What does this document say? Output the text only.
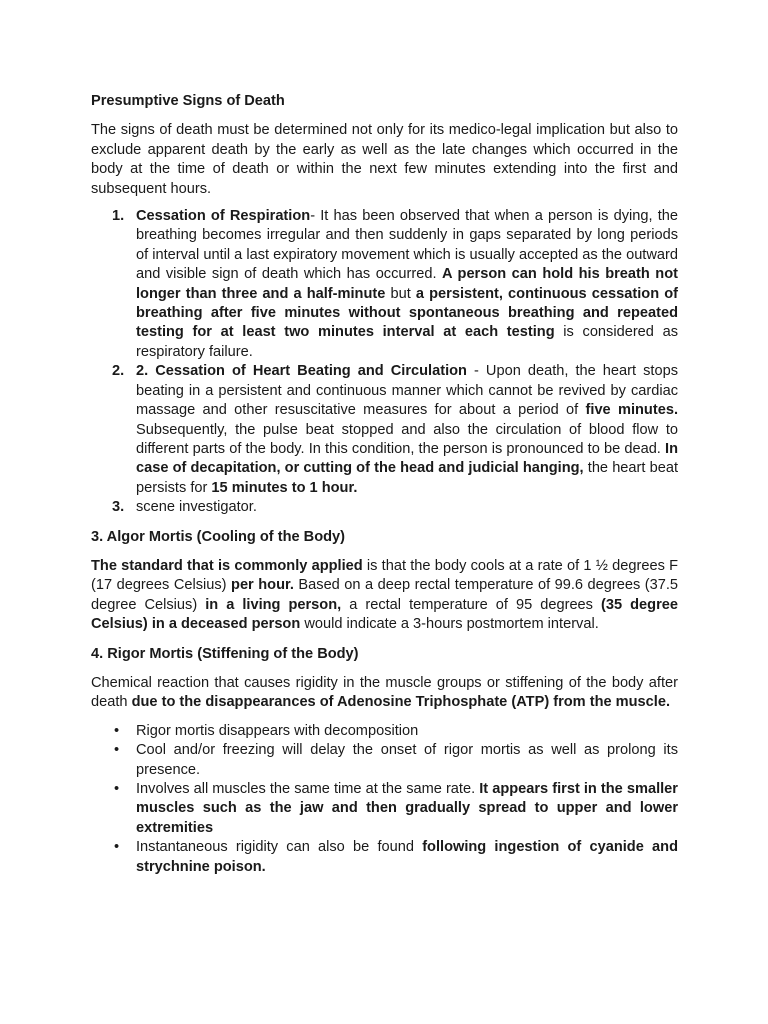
Presumptive Signs of Death

The signs of death must be determined not only for its medico-legal implication but also to exclude apparent death by the early as well as the late changes which occurred in the body at the time of death or within the next few minutes extending into the first and subsequent hours.

1. Cessation of Respiration- It has been observed that when a person is dying, the breathing becomes irregular and then suddenly in gaps separated by long periods of interval until a last expiratory movement which is usually accepted as the outward and visible sign of death which has occurred. A person can hold his breath not longer than three and a half-minute but a persistent, continuous cessation of breathing after five minutes without spontaneous breathing and repeated testing for at least two minutes interval at each testing is considered as respiratory failure.
2. 2. Cessation of Heart Beating and Circulation - Upon death, the heart stops beating in a persistent and continuous manner which cannot be revived by cardiac massage and other resuscitative measures for about a period of five minutes. Subsequently, the pulse beat stopped and also the circulation of blood flow to different parts of the body. In this condition, the person is pronounced to be dead. In case of decapitation, or cutting of the head and judicial hanging, the heart beat persists for 15 minutes to 1 hour.
3. scene investigator.
3. Algor Mortis (Cooling of the Body)

The standard that is commonly applied is that the body cools at a rate of 1 ½ degrees F (17 degrees Celsius) per hour. Based on a deep rectal temperature of 99.6 degrees (37.5 degree Celsius) in a living person, a rectal temperature of 95 degrees (35 degree Celsius) in a deceased person would indicate a 3-hours postmortem interval.

4. Rigor Mortis (Stiffening of the Body)

Chemical reaction that causes rigidity in the muscle groups or stiffening of the body after death due to the disappearances of Adenosine Triphosphate (ATP) from the muscle.

• Rigor mortis disappears with decomposition
• Cool and/or freezing will delay the onset of rigor mortis as well as prolong its presence.
• Involves all muscles the same time at the same rate. It appears first in the smaller muscles such as the jaw and then gradually spread to upper and lower extremities
• Instantaneous rigidity can also be found following ingestion of cyanide and strychnine poison.
